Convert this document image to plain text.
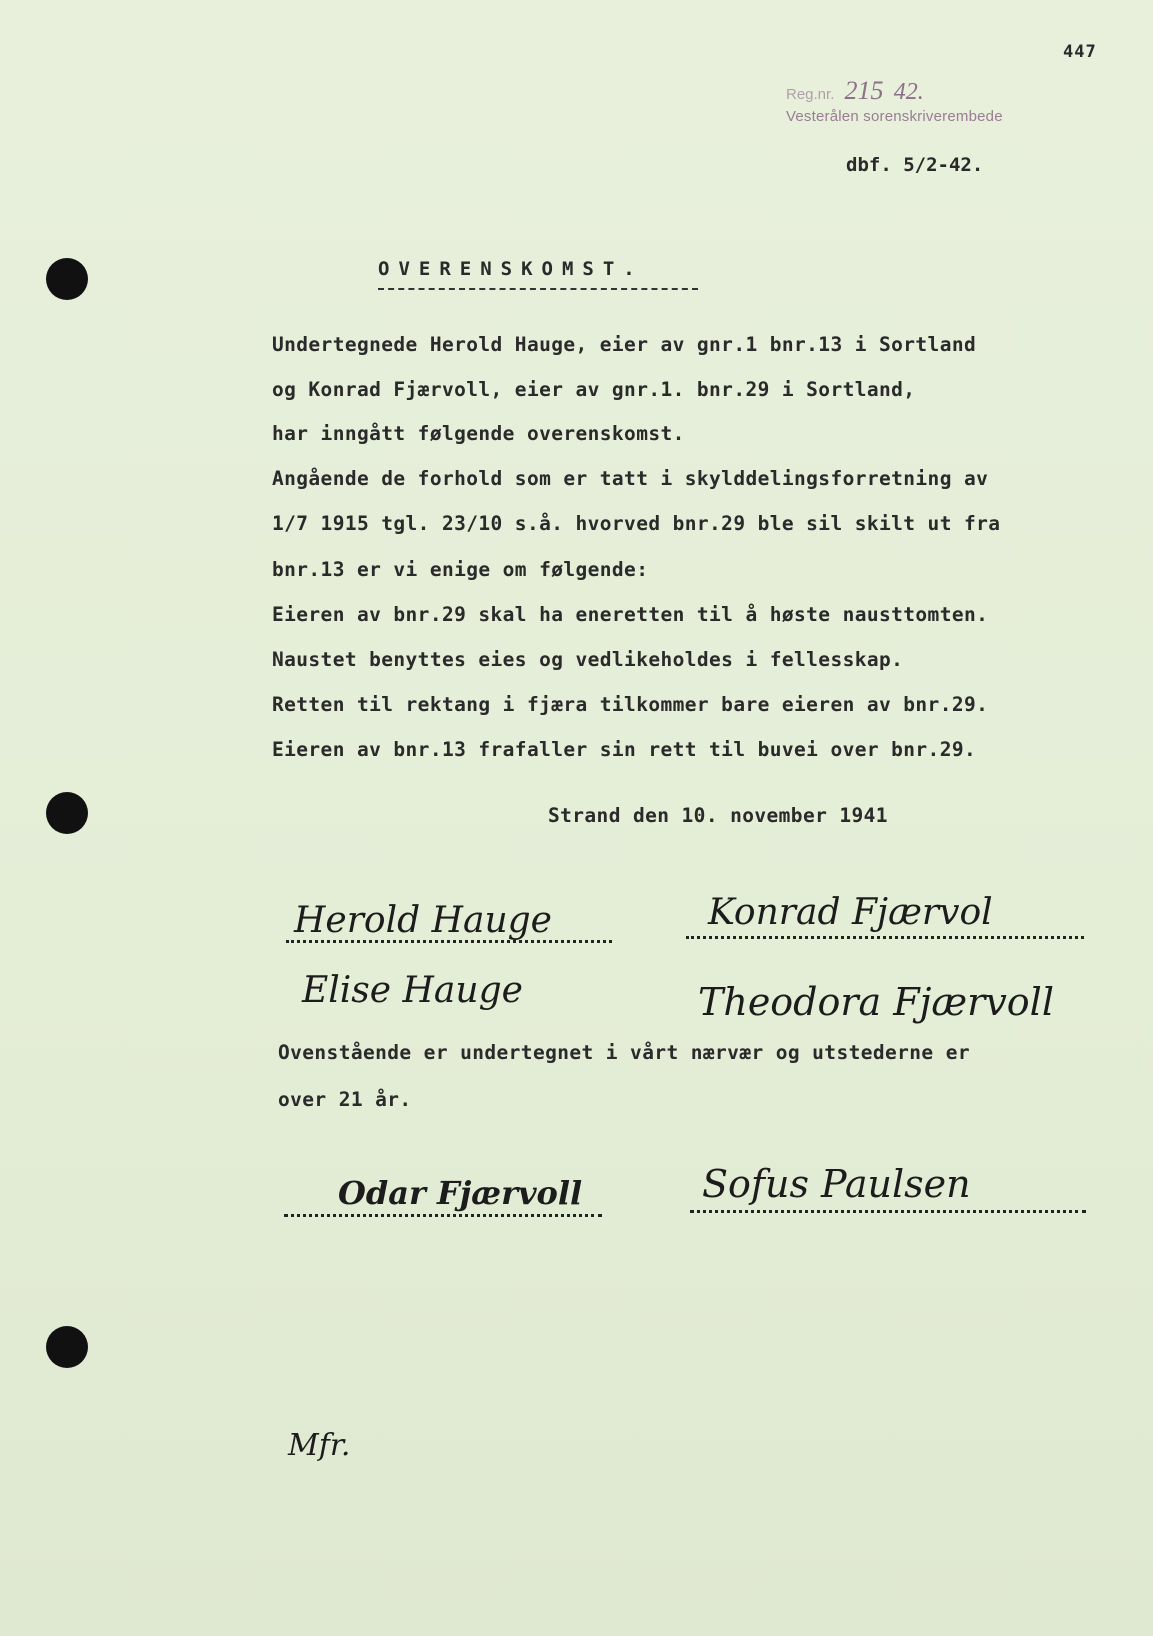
447
Reg.nr. 215 42.
Vesterålen sorenskriverembede
dbf. 5/2-42.
OVERENSKOMST.
Undertegnede Herold Hauge, eier av gnr.1 bnr.13 i Sortland
og Konrad Fjærvoll, eier av gnr.1. bnr.29 i Sortland,
har inngått følgende overenskomst.
Angående de forhold som er tatt i skylddelingsforretning av
1/7 1915 tgl. 23/10 s.å. hvorved bnr.29 ble sil skilt ut fra
bnr.13 er vi enige om følgende:
Eieren av bnr.29 skal ha eneretten til å høste nausttomten.
Naustet benyttes eies og vedlikeholdes i fellesskap.
Retten til rektang i fjæra tilkommer bare eieren av bnr.29.
Eieren av bnr.13 frafaller sin rett til buvei over bnr.29.
Strand den 10. november 1941
Herold Hauge	Konrad Fjærvol
Elise Hauge	Theodora Fjærvoll
Ovenstående er undertegnet i vårt nærvær og utstederne er
over 21 år.
Odar Fjærvoll	Sofus Paulsen
Mfr.
